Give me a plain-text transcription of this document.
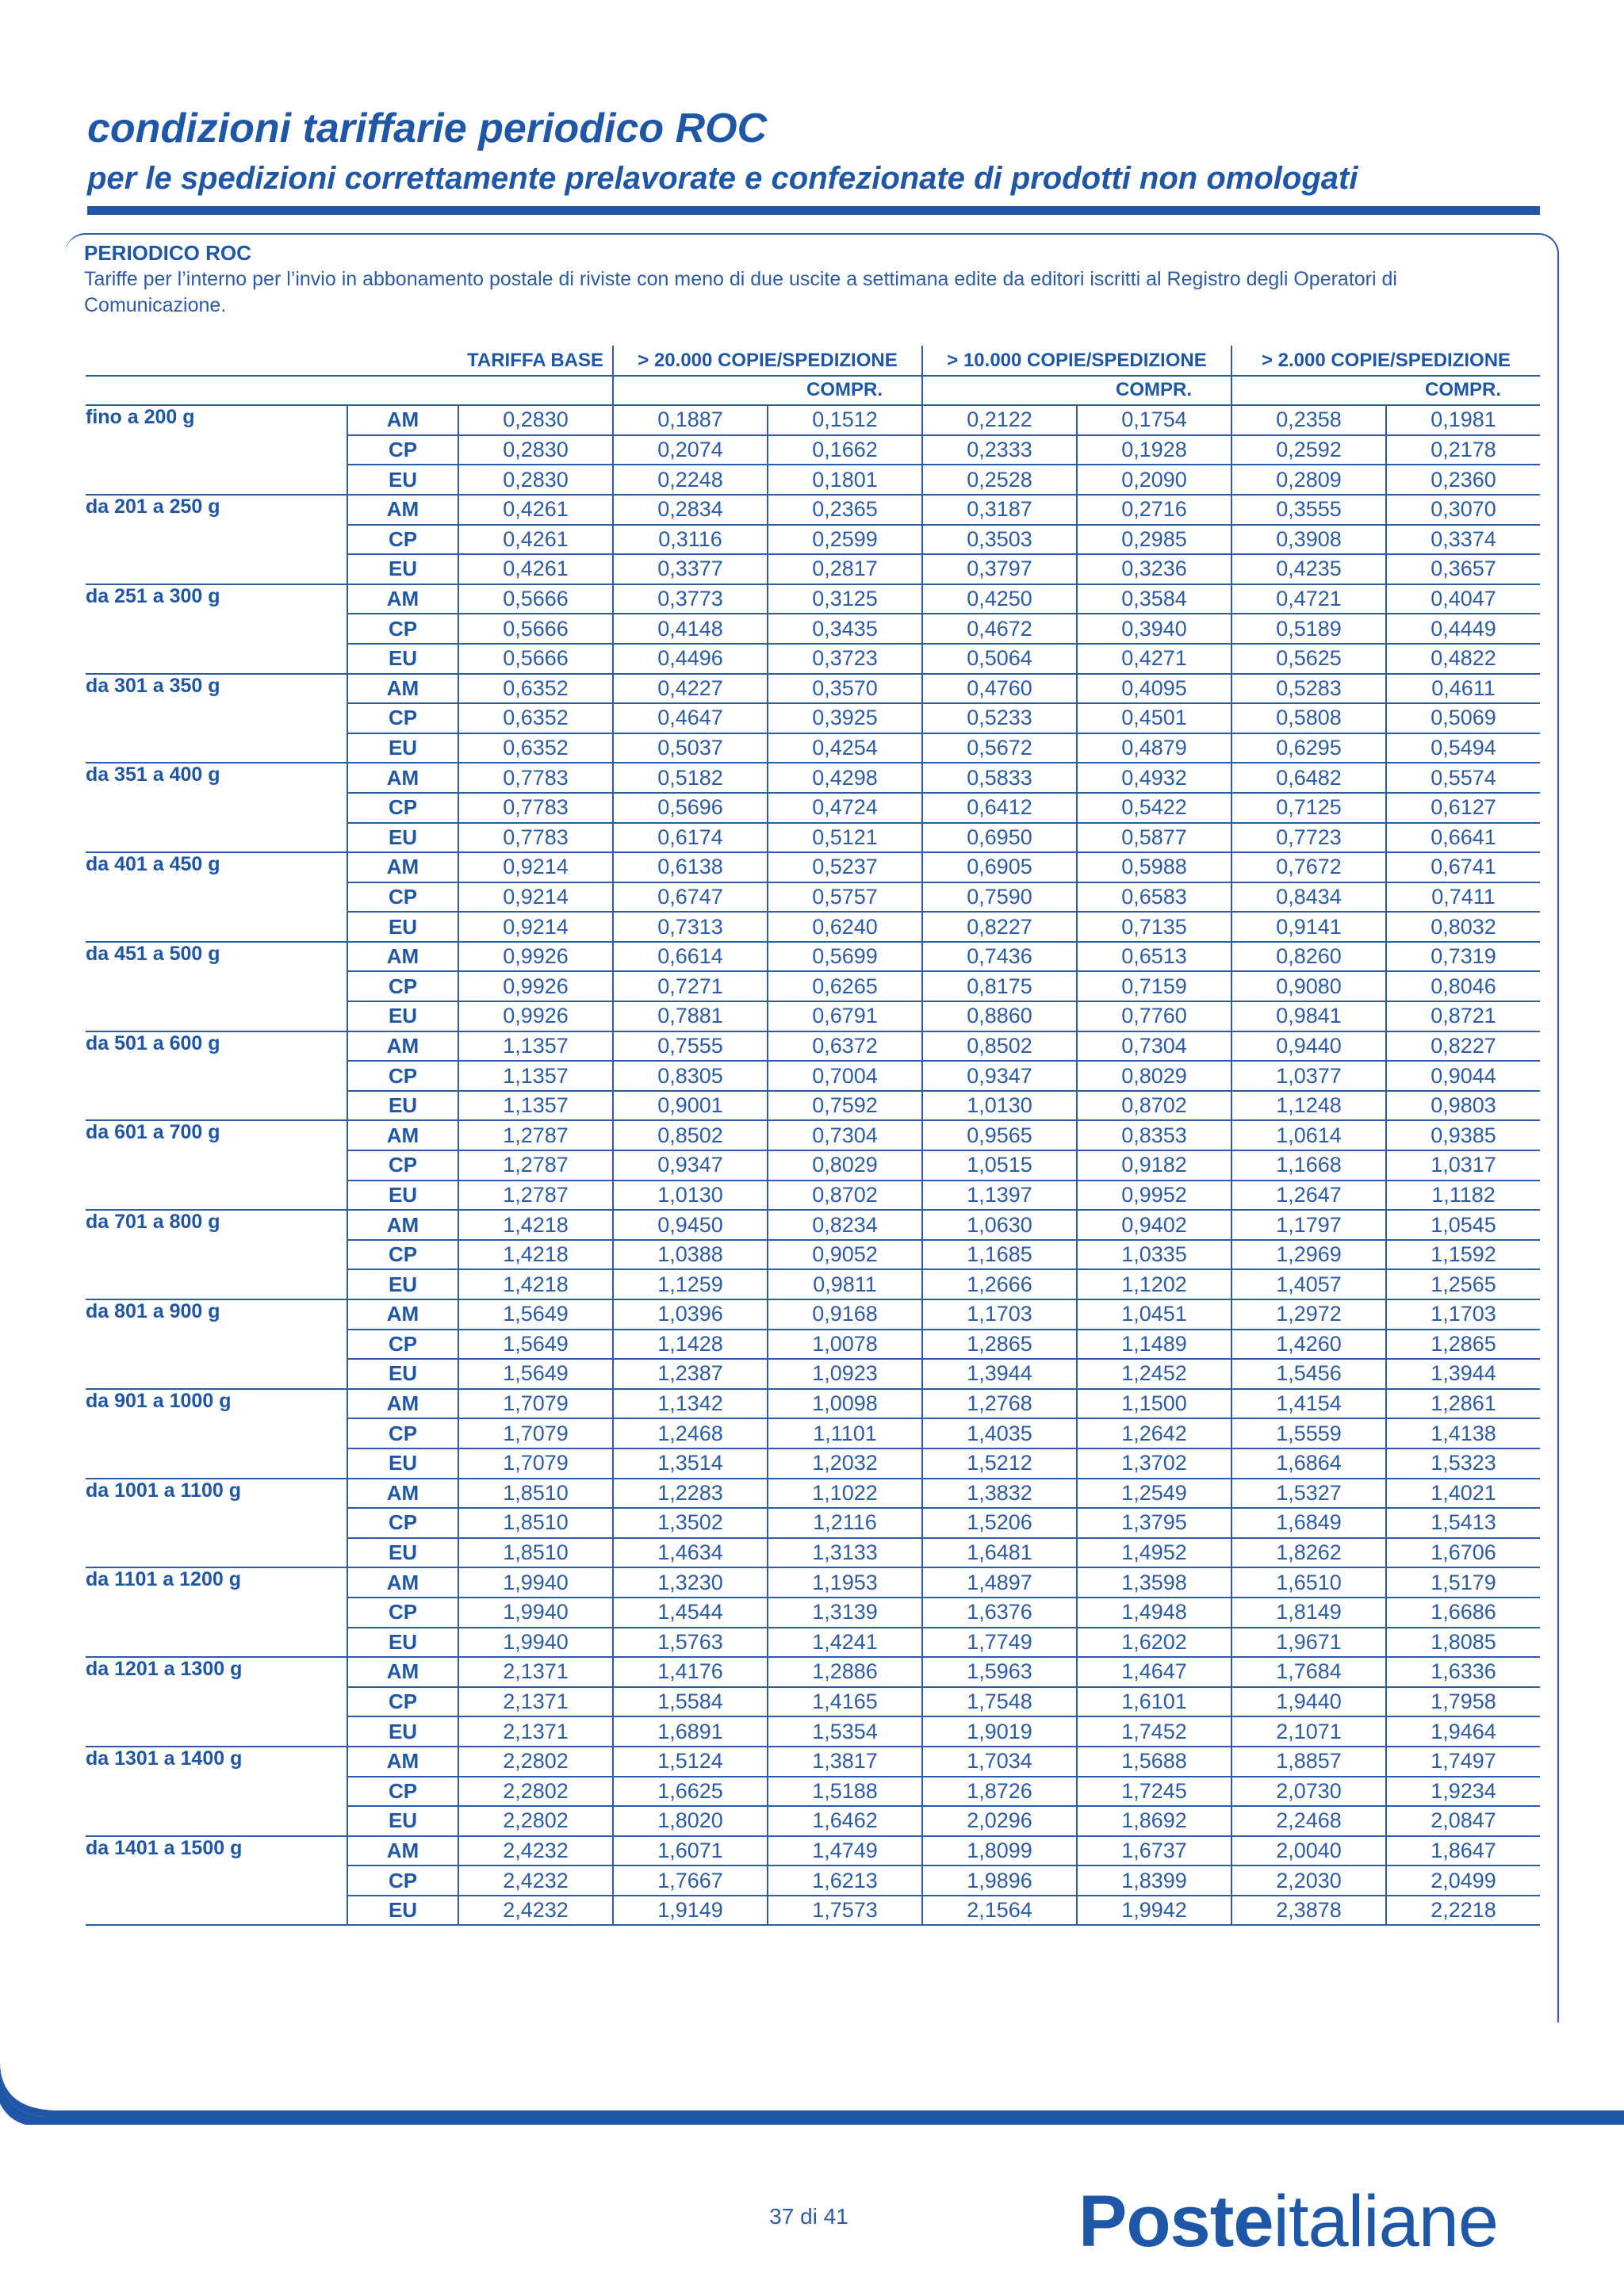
condizioni tariffarie periodico ROC
per le spedizioni correttamente prelavorate e confezionate di prodotti non omologati

PERIODICO ROC

Tariffe per l’interno per l’invio in abbonamento postale di riviste con meno di due uscite a settimana edite da editori iscritti al Registro degli Operatori di Comunicazione.

		TARIFFA BASE	> 20.000 COPIE/SPEDIZIONE		> 10.000 COPIE/SPEDIZIONE		> 2.000 COPIE/SPEDIZIONE	
				COMPR.		COMPR.		COMPR.
fino a 200 g	AM	0,2830	0,1887	0,1512	0,2122	0,1754	0,2358	0,1981
	CP	0,2830	0,2074	0,1662	0,2333	0,1928	0,2592	0,2178
	EU	0,2830	0,2248	0,1801	0,2528	0,2090	0,2809	0,2360
da 201 a 250 g	AM	0,4261	0,2834	0,2365	0,3187	0,2716	0,3555	0,3070
	CP	0,4261	0,3116	0,2599	0,3503	0,2985	0,3908	0,3374
	EU	0,4261	0,3377	0,2817	0,3797	0,3236	0,4235	0,3657
da 251 a 300 g	AM	0,5666	0,3773	0,3125	0,4250	0,3584	0,4721	0,4047
	CP	0,5666	0,4148	0,3435	0,4672	0,3940	0,5189	0,4449
	EU	0,5666	0,4496	0,3723	0,5064	0,4271	0,5625	0,4822
da 301 a 350 g	AM	0,6352	0,4227	0,3570	0,4760	0,4095	0,5283	0,4611
	CP	0,6352	0,4647	0,3925	0,5233	0,4501	0,5808	0,5069
	EU	0,6352	0,5037	0,4254	0,5672	0,4879	0,6295	0,5494
da 351 a 400 g	AM	0,7783	0,5182	0,4298	0,5833	0,4932	0,6482	0,5574
	CP	0,7783	0,5696	0,4724	0,6412	0,5422	0,7125	0,6127
	EU	0,7783	0,6174	0,5121	0,6950	0,5877	0,7723	0,6641
da 401 a 450 g	AM	0,9214	0,6138	0,5237	0,6905	0,5988	0,7672	0,6741
	CP	0,9214	0,6747	0,5757	0,7590	0,6583	0,8434	0,7411
	EU	0,9214	0,7313	0,6240	0,8227	0,7135	0,9141	0,8032
da 451 a 500 g	AM	0,9926	0,6614	0,5699	0,7436	0,6513	0,8260	0,7319
	CP	0,9926	0,7271	0,6265	0,8175	0,7159	0,9080	0,8046
	EU	0,9926	0,7881	0,6791	0,8860	0,7760	0,9841	0,8721
da 501 a 600 g	AM	1,1357	0,7555	0,6372	0,8502	0,7304	0,9440	0,8227
	CP	1,1357	0,8305	0,7004	0,9347	0,8029	1,0377	0,9044
	EU	1,1357	0,9001	0,7592	1,0130	0,8702	1,1248	0,9803
da 601 a 700 g	AM	1,2787	0,8502	0,7304	0,9565	0,8353	1,0614	0,9385
	CP	1,2787	0,9347	0,8029	1,0515	0,9182	1,1668	1,0317
	EU	1,2787	1,0130	0,8702	1,1397	0,9952	1,2647	1,1182
da 701 a 800 g	AM	1,4218	0,9450	0,8234	1,0630	0,9402	1,1797	1,0545
	CP	1,4218	1,0388	0,9052	1,1685	1,0335	1,2969	1,1592
	EU	1,4218	1,1259	0,9811	1,2666	1,1202	1,4057	1,2565
da 801 a 900 g	AM	1,5649	1,0396	0,9168	1,1703	1,0451	1,2972	1,1703
	CP	1,5649	1,1428	1,0078	1,2865	1,1489	1,4260	1,2865
	EU	1,5649	1,2387	1,0923	1,3944	1,2452	1,5456	1,3944
da 901 a 1000 g	AM	1,7079	1,1342	1,0098	1,2768	1,1500	1,4154	1,2861
	CP	1,7079	1,2468	1,1101	1,4035	1,2642	1,5559	1,4138
	EU	1,7079	1,3514	1,2032	1,5212	1,3702	1,6864	1,5323
da 1001 a 1100 g	AM	1,8510	1,2283	1,1022	1,3832	1,2549	1,5327	1,4021
	CP	1,8510	1,3502	1,2116	1,5206	1,3795	1,6849	1,5413
	EU	1,8510	1,4634	1,3133	1,6481	1,4952	1,8262	1,6706
da 1101 a 1200 g	AM	1,9940	1,3230	1,1953	1,4897	1,3598	1,6510	1,5179
	CP	1,9940	1,4544	1,3139	1,6376	1,4948	1,8149	1,6686
	EU	1,9940	1,5763	1,4241	1,7749	1,6202	1,9671	1,8085
da 1201 a 1300 g	AM	2,1371	1,4176	1,2886	1,5963	1,4647	1,7684	1,6336
	CP	2,1371	1,5584	1,4165	1,7548	1,6101	1,9440	1,7958
	EU	2,1371	1,6891	1,5354	1,9019	1,7452	2,1071	1,9464
da 1301 a 1400 g	AM	2,2802	1,5124	1,3817	1,7034	1,5688	1,8857	1,7497
	CP	2,2802	1,6625	1,5188	1,8726	1,7245	2,0730	1,9234
	EU	2,2802	1,8020	1,6462	2,0296	1,8692	2,2468	2,0847
da 1401 a 1500 g	AM	2,4232	1,6071	1,4749	1,8099	1,6737	2,0040	1,8647
	CP	2,4232	1,7667	1,6213	1,9896	1,8399	2,2030	2,0499
	EU	2,4232	1,9149	1,7573	2,1564	1,9942	2,3878	2,2218
37 di 41	Posteitaliane
